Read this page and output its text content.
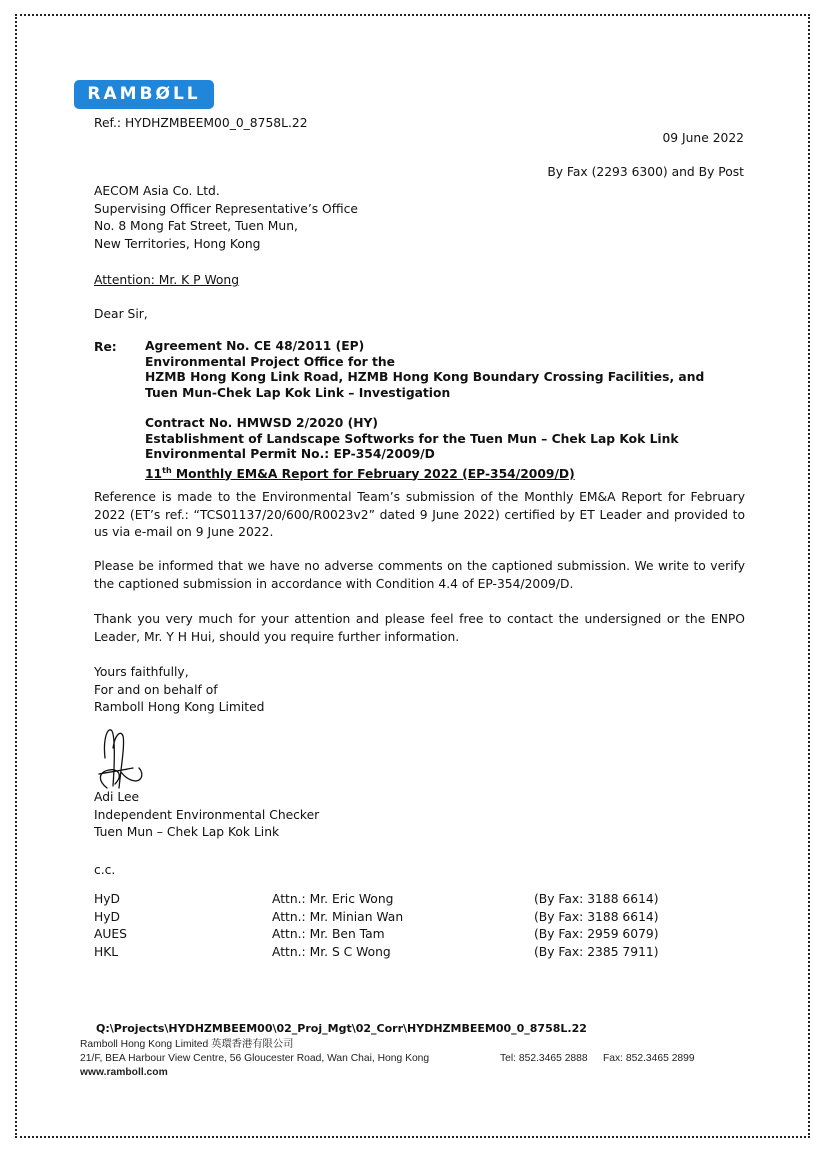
RAMBØLL
Ref.: HYDHZMBEEM00_0_8758L.22
09 June 2022
By Fax (2293 6300) and By Post
AECOM Asia Co. Ltd.
Supervising Officer Representative’s Office
No. 8 Mong Fat Street, Tuen Mun,
New Territories, Hong Kong
Attention: Mr. K P Wong
Dear Sir,
Re: Agreement No. CE 48/2011 (EP)
Environmental Project Office for the
HZMB Hong Kong Link Road, HZMB Hong Kong Boundary Crossing Facilities, and
Tuen Mun-Chek Lap Kok Link – Investigation
Contract No. HMWSD 2/2020 (HY)
Establishment of Landscape Softworks for the Tuen Mun – Chek Lap Kok Link
Environmental Permit No.: EP-354/2009/D
11th Monthly EM&A Report for February 2022 (EP-354/2009/D)
Reference is made to the Environmental Team’s submission of the Monthly EM&A Report for February 2022 (ET’s ref.: “TCS01137/20/600/R0023v2” dated 9 June 2022) certified by ET Leader and provided to us via e-mail on 9 June 2022.
Please be informed that we have no adverse comments on the captioned submission. We write to verify the captioned submission in accordance with Condition 4.4 of EP-354/2009/D.
Thank you very much for your attention and please feel free to contact the undersigned or the ENPO Leader, Mr. Y H Hui, should you require further information.
Yours faithfully,
For and on behalf of
Ramboll Hong Kong Limited
Adi Lee
Independent Environmental Checker
Tuen Mun – Chek Lap Kok Link
c.c.
HyD	Attn.: Mr. Eric Wong	(By Fax: 3188 6614)
HyD	Attn.: Mr. Minian Wan	(By Fax: 3188 6614)
AUES	Attn.: Mr. Ben Tam	(By Fax: 2959 6079)
HKL	Attn.: Mr. S C Wong	(By Fax: 2385 7911)
Q:\Projects\HYDHZMBEEM00\02_Proj_Mgt\02_Corr\HYDHZMBEEM00_0_8758L.22
Ramboll Hong Kong Limited 英環香港有限公司
21/F, BEA Harbour View Centre, 56 Gloucester Road, Wan Chai, Hong Kong	Tel: 852.3465 2888 Fax: 852.3465 2899
www.ramboll.com
